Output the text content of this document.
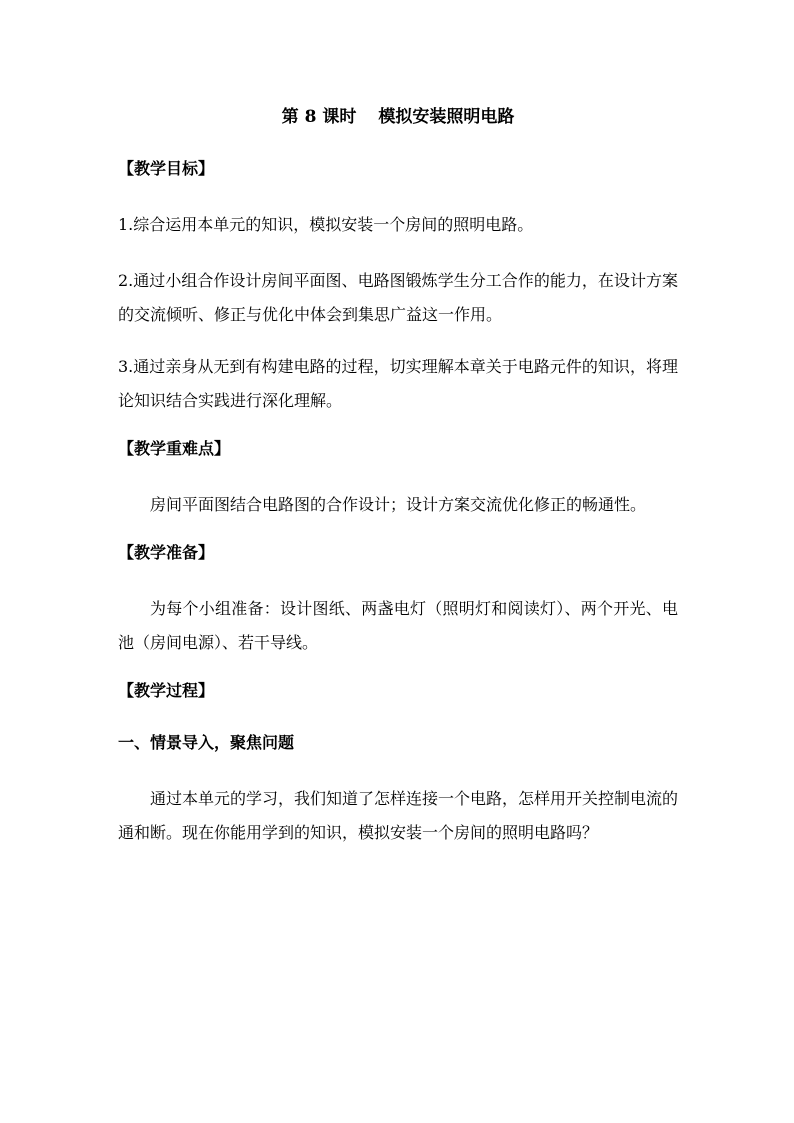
第 8 课时 模拟安装照明电路
【教学目标】

1.综合运用本单元的知识，模拟安装一个房间的照明电路。

2.通过小组合作设计房间平面图、电路图锻炼学生分工合作的能力，在设计方案的交流倾听、修正与优化中体会到集思广益这一作用。

3.通过亲身从无到有构建电路的过程，切实理解本章关于电路元件的知识，将理论知识结合实践进行深化理解。

【教学重难点】

房间平面图结合电路图的合作设计；设计方案交流优化修正的畅通性。

【教学准备】

为每个小组准备：设计图纸、两盏电灯（照明灯和阅读灯）、两个开光、电池（房间电源）、若干导线。

【教学过程】
一、情景导入，聚焦问题

通过本单元的学习，我们知道了怎样连接一个电路，怎样用开关控制电流的通和断。现在你能用学到的知识，模拟安装一个房间的照明电路吗？
